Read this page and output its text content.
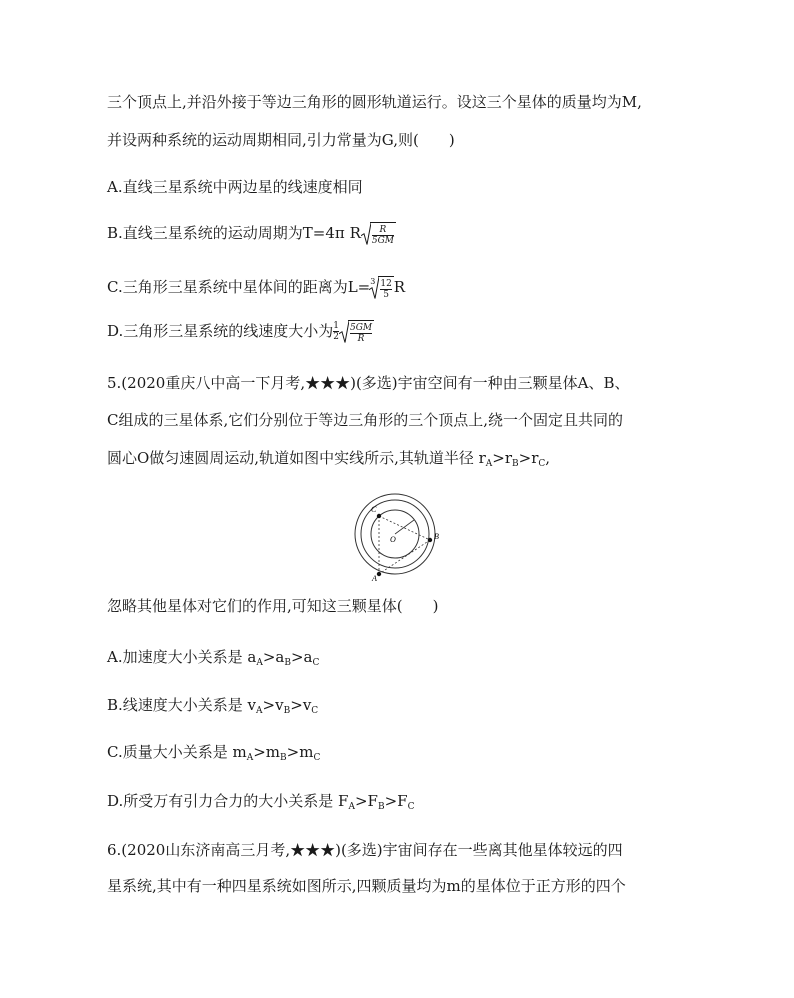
三个顶点上,并沿外接于等边三角形的圆形轨道运行。设这三个星体的质量均为M,
并设两种系统的运动周期相同,引力常量为G,则(　　)
A.直线三星系统中两边星的线速度相同
B.直线三星系统的运动周期为T=4π R $\frac{R}{5GM}$
C.三角形三星系统中星体间的距离为$L=^3 \frac{12}{5}$ R
D.三角形三星系统的线速度大小为 $\frac{1}{2} \frac{5GM}{R}$
5.(2020重庆八中高一下月考,★★★)(多选)宇宙空间有一种由三颗星体A、B、
C组成的三星体系,它们分别位于等边三角形的三个顶点上,绕一个固定且共同的
圆心O做匀速圆周运动,轨道如图中实线所示,其轨道半径 $r_A>r_B>r_C$,
C
B
A
O
忽略其他星体对它们的作用,可知这三颗星体(　　)
A.加速度大小关系是 $a_A>a_B>a_C$
B.线速度大小关系是 $v_A>v_B>v_C$
C.质量大小关系是 $m_A>m_B>m_C$
D.所受万有引力合力的大小关系是 $F_A>F_B>F_C$
6.(2020山东济南高三月考,★★★)(多选)宇宙间存在一些离其他星体较远的四
星系统,其中有一种四星系统如图所示,四颗质量均为m的星体位于正方形的四个
